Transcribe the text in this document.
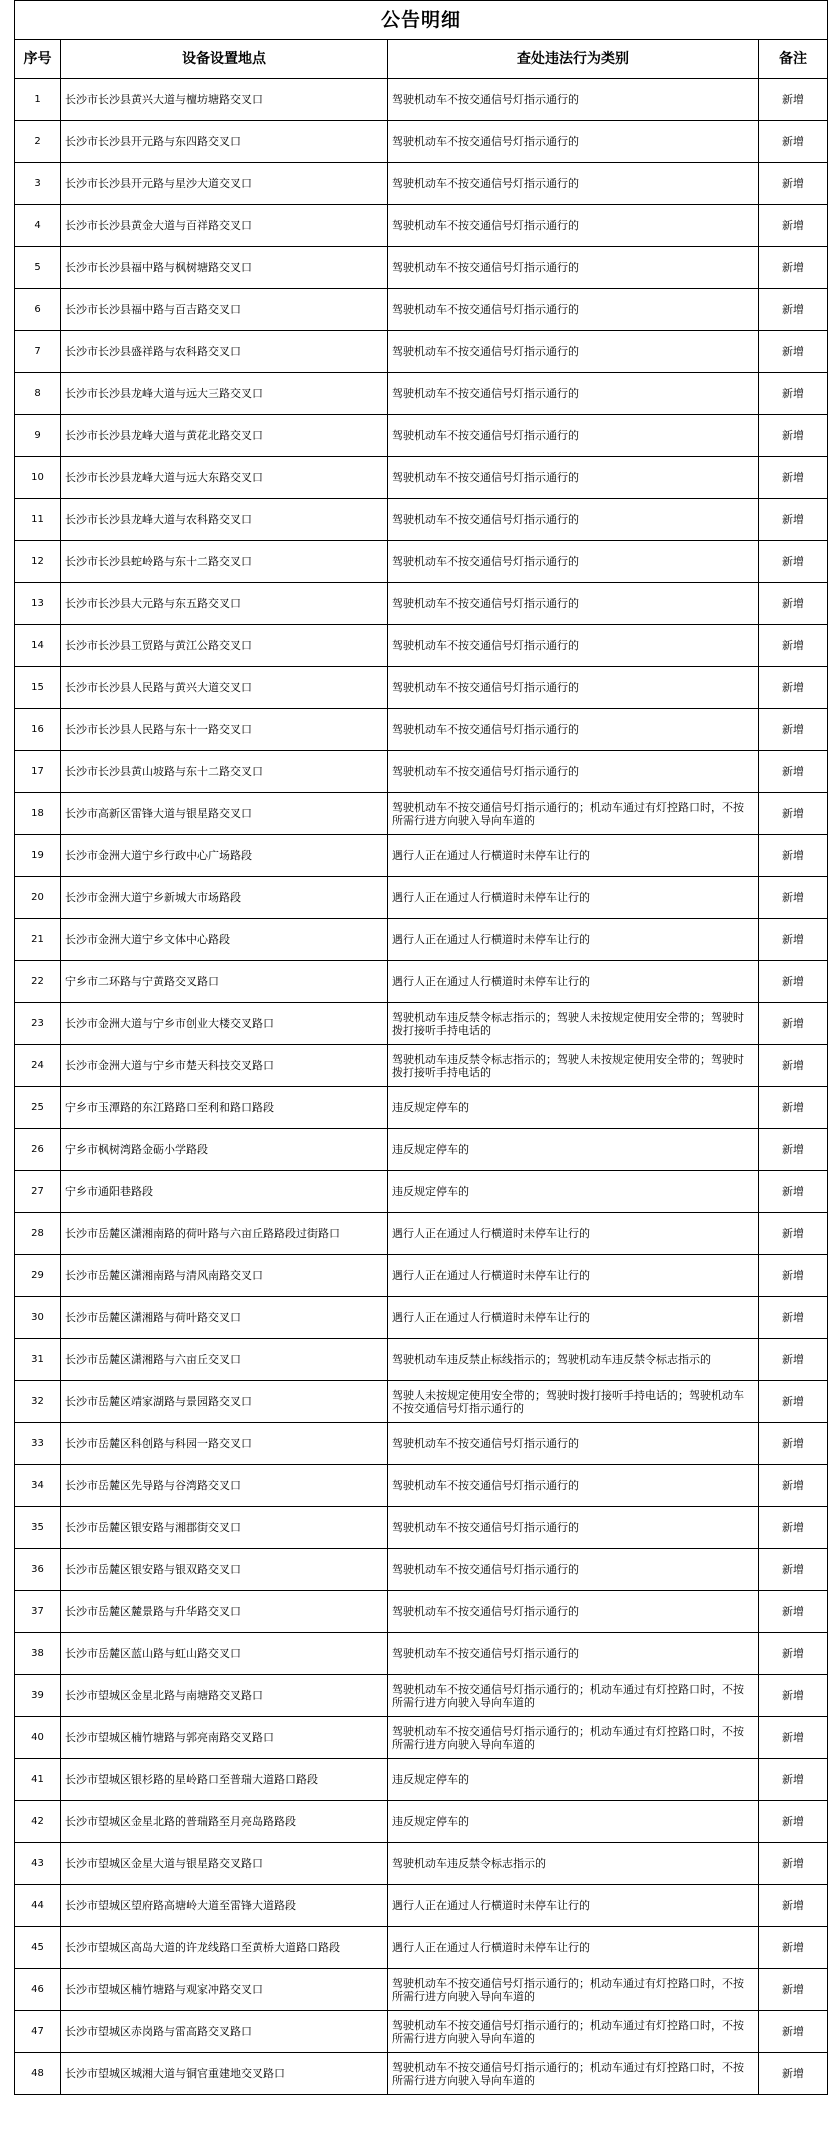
公告明细			
序号	设备设置地点	查处违法行为类别	备注
1	长沙市长沙县黄兴大道与檀坊塘路交叉口	驾驶机动车不按交通信号灯指示通行的	新增
2	长沙市长沙县开元路与东四路交叉口	驾驶机动车不按交通信号灯指示通行的	新增
3	长沙市长沙县开元路与星沙大道交叉口	驾驶机动车不按交通信号灯指示通行的	新增
4	长沙市长沙县黄金大道与百祥路交叉口	驾驶机动车不按交通信号灯指示通行的	新增
5	长沙市长沙县福中路与枫树塘路交叉口	驾驶机动车不按交通信号灯指示通行的	新增
6	长沙市长沙县福中路与百吉路交叉口	驾驶机动车不按交通信号灯指示通行的	新增
7	长沙市长沙县盛祥路与农科路交叉口	驾驶机动车不按交通信号灯指示通行的	新增
8	长沙市长沙县龙峰大道与远大三路交叉口	驾驶机动车不按交通信号灯指示通行的	新增
9	长沙市长沙县龙峰大道与黄花北路交叉口	驾驶机动车不按交通信号灯指示通行的	新增
10	长沙市长沙县龙峰大道与远大东路交叉口	驾驶机动车不按交通信号灯指示通行的	新增
11	长沙市长沙县龙峰大道与农科路交叉口	驾驶机动车不按交通信号灯指示通行的	新增
12	长沙市长沙县蛇岭路与东十二路交叉口	驾驶机动车不按交通信号灯指示通行的	新增
13	长沙市长沙县大元路与东五路交叉口	驾驶机动车不按交通信号灯指示通行的	新增
14	长沙市长沙县工贸路与黄江公路交叉口	驾驶机动车不按交通信号灯指示通行的	新增
15	长沙市长沙县人民路与黄兴大道交叉口	驾驶机动车不按交通信号灯指示通行的	新增
16	长沙市长沙县人民路与东十一路交叉口	驾驶机动车不按交通信号灯指示通行的	新增
17	长沙市长沙县黄山坡路与东十二路交叉口	驾驶机动车不按交通信号灯指示通行的	新增
18	长沙市高新区雷锋大道与银星路交叉口	驾驶机动车不按交通信号灯指示通行的；机动车通过有灯控路口时，不按所需行进方向驶入导向车道的	新增
19	长沙市金洲大道宁乡行政中心广场路段	遇行人正在通过人行横道时未停车让行的	新增
20	长沙市金洲大道宁乡新城大市场路段	遇行人正在通过人行横道时未停车让行的	新增
21	长沙市金洲大道宁乡文体中心路段	遇行人正在通过人行横道时未停车让行的	新增
22	宁乡市二环路与宁黄路交叉路口	遇行人正在通过人行横道时未停车让行的	新增
23	长沙市金洲大道与宁乡市创业大楼交叉路口	驾驶机动车违反禁令标志指示的；驾驶人未按规定使用安全带的；驾驶时拨打接听手持电话的	新增
24	长沙市金洲大道与宁乡市楚天科技交叉路口	驾驶机动车违反禁令标志指示的；驾驶人未按规定使用安全带的；驾驶时拨打接听手持电话的	新增
25	宁乡市玉潭路的东江路路口至利和路口路段	违反规定停车的	新增
26	宁乡市枫树湾路金砺小学路段	违反规定停车的	新增
27	宁乡市通阳巷路段	违反规定停车的	新增
28	长沙市岳麓区潇湘南路的荷叶路与六亩丘路路段过街路口	遇行人正在通过人行横道时未停车让行的	新增
29	长沙市岳麓区潇湘南路与清风南路交叉口	遇行人正在通过人行横道时未停车让行的	新增
30	长沙市岳麓区潇湘路与荷叶路交叉口	遇行人正在通过人行横道时未停车让行的	新增
31	长沙市岳麓区潇湘路与六亩丘交叉口	驾驶机动车违反禁止标线指示的；驾驶机动车违反禁令标志指示的	新增
32	长沙市岳麓区靖家湖路与景园路交叉口	驾驶人未按规定使用安全带的；驾驶时拨打接听手持电话的；驾驶机动车不按交通信号灯指示通行的	新增
33	长沙市岳麓区科创路与科园一路交叉口	驾驶机动车不按交通信号灯指示通行的	新增
34	长沙市岳麓区先导路与谷湾路交叉口	驾驶机动车不按交通信号灯指示通行的	新增
35	长沙市岳麓区银安路与湘郡街交叉口	驾驶机动车不按交通信号灯指示通行的	新增
36	长沙市岳麓区银安路与银双路交叉口	驾驶机动车不按交通信号灯指示通行的	新增
37	长沙市岳麓区麓景路与升华路交叉口	驾驶机动车不按交通信号灯指示通行的	新增
38	长沙市岳麓区蓝山路与虹山路交叉口	驾驶机动车不按交通信号灯指示通行的	新增
39	长沙市望城区金星北路与南塘路交叉路口	驾驶机动车不按交通信号灯指示通行的；机动车通过有灯控路口时，不按所需行进方向驶入导向车道的	新增
40	长沙市望城区楠竹塘路与郭亮南路交叉路口	驾驶机动车不按交通信号灯指示通行的；机动车通过有灯控路口时，不按所需行进方向驶入导向车道的	新增
41	长沙市望城区银杉路的星岭路口至普瑞大道路口路段	违反规定停车的	新增
42	长沙市望城区金星北路的普瑞路至月亮岛路路段	违反规定停车的	新增
43	长沙市望城区金星大道与银星路交叉路口	驾驶机动车违反禁令标志指示的	新增
44	长沙市望城区望府路高塘岭大道至雷锋大道路段	遇行人正在通过人行横道时未停车让行的	新增
45	长沙市望城区高岛大道的许龙线路口至黄桥大道路口路段	遇行人正在通过人行横道时未停车让行的	新增
46	长沙市望城区楠竹塘路与观家冲路交叉口	驾驶机动车不按交通信号灯指示通行的；机动车通过有灯控路口时，不按所需行进方向驶入导向车道的	新增
47	长沙市望城区赤岗路与雷高路交叉路口	驾驶机动车不按交通信号灯指示通行的；机动车通过有灯控路口时，不按所需行进方向驶入导向车道的	新增
48	长沙市望城区城湘大道与铜官重建地交叉路口	驾驶机动车不按交通信号灯指示通行的；机动车通过有灯控路口时，不按所需行进方向驶入导向车道的	新增
